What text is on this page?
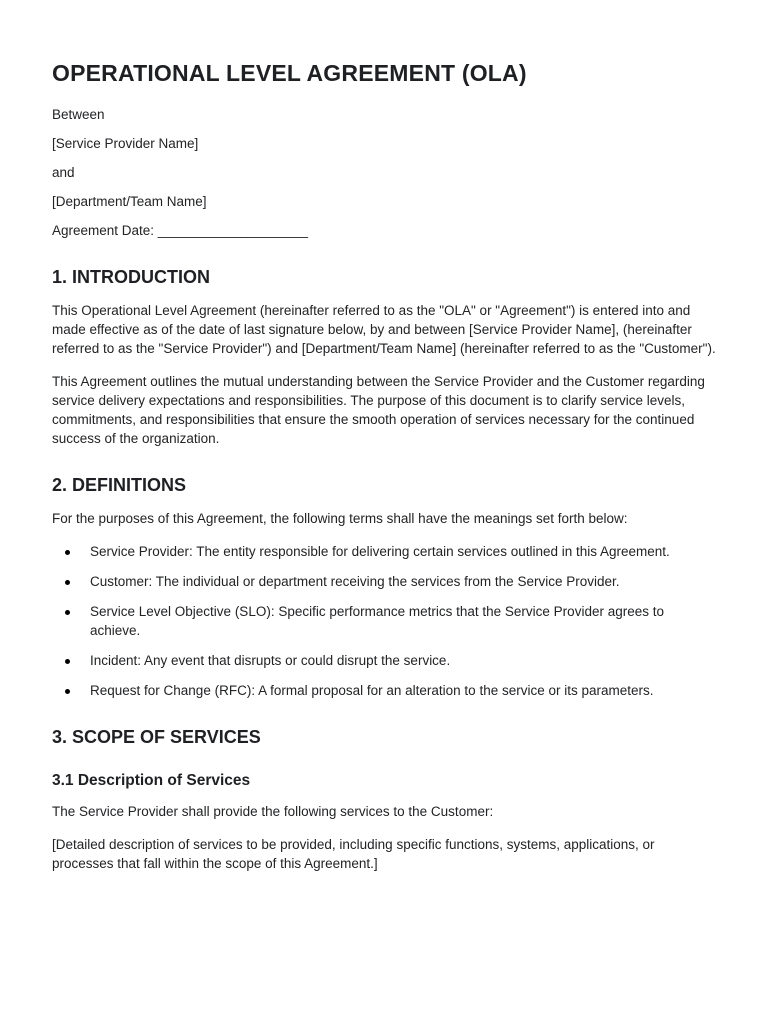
OPERATIONAL LEVEL AGREEMENT (OLA)

Between

[Service Provider Name]

and

[Department/Team Name]

Agreement Date: ____________________

1. INTRODUCTION

This Operational Level Agreement (hereinafter referred to as the "OLA" or "Agreement") is entered into and made effective as of the date of last signature below, by and between [Service Provider Name], (hereinafter referred to as the "Service Provider") and [Department/Team Name] (hereinafter referred to as the "Customer").

This Agreement outlines the mutual understanding between the Service Provider and the Customer regarding service delivery expectations and responsibilities. The purpose of this document is to clarify service levels, commitments, and responsibilities that ensure the smooth operation of services necessary for the continued success of the organization.

2. DEFINITIONS

For the purposes of this Agreement, the following terms shall have the meanings set forth below:

Service Provider: The entity responsible for delivering certain services outlined in this Agreement.
Customer: The individual or department receiving the services from the Service Provider.
Service Level Objective (SLO): Specific performance metrics that the Service Provider agrees to achieve.
Incident: Any event that disrupts or could disrupt the service.
Request for Change (RFC): A formal proposal for an alteration to the service or its parameters.
3. SCOPE OF SERVICES
3.1 Description of Services

The Service Provider shall provide the following services to the Customer:

[Detailed description of services to be provided, including specific functions, systems, applications, or processes that fall within the scope of this Agreement.]
